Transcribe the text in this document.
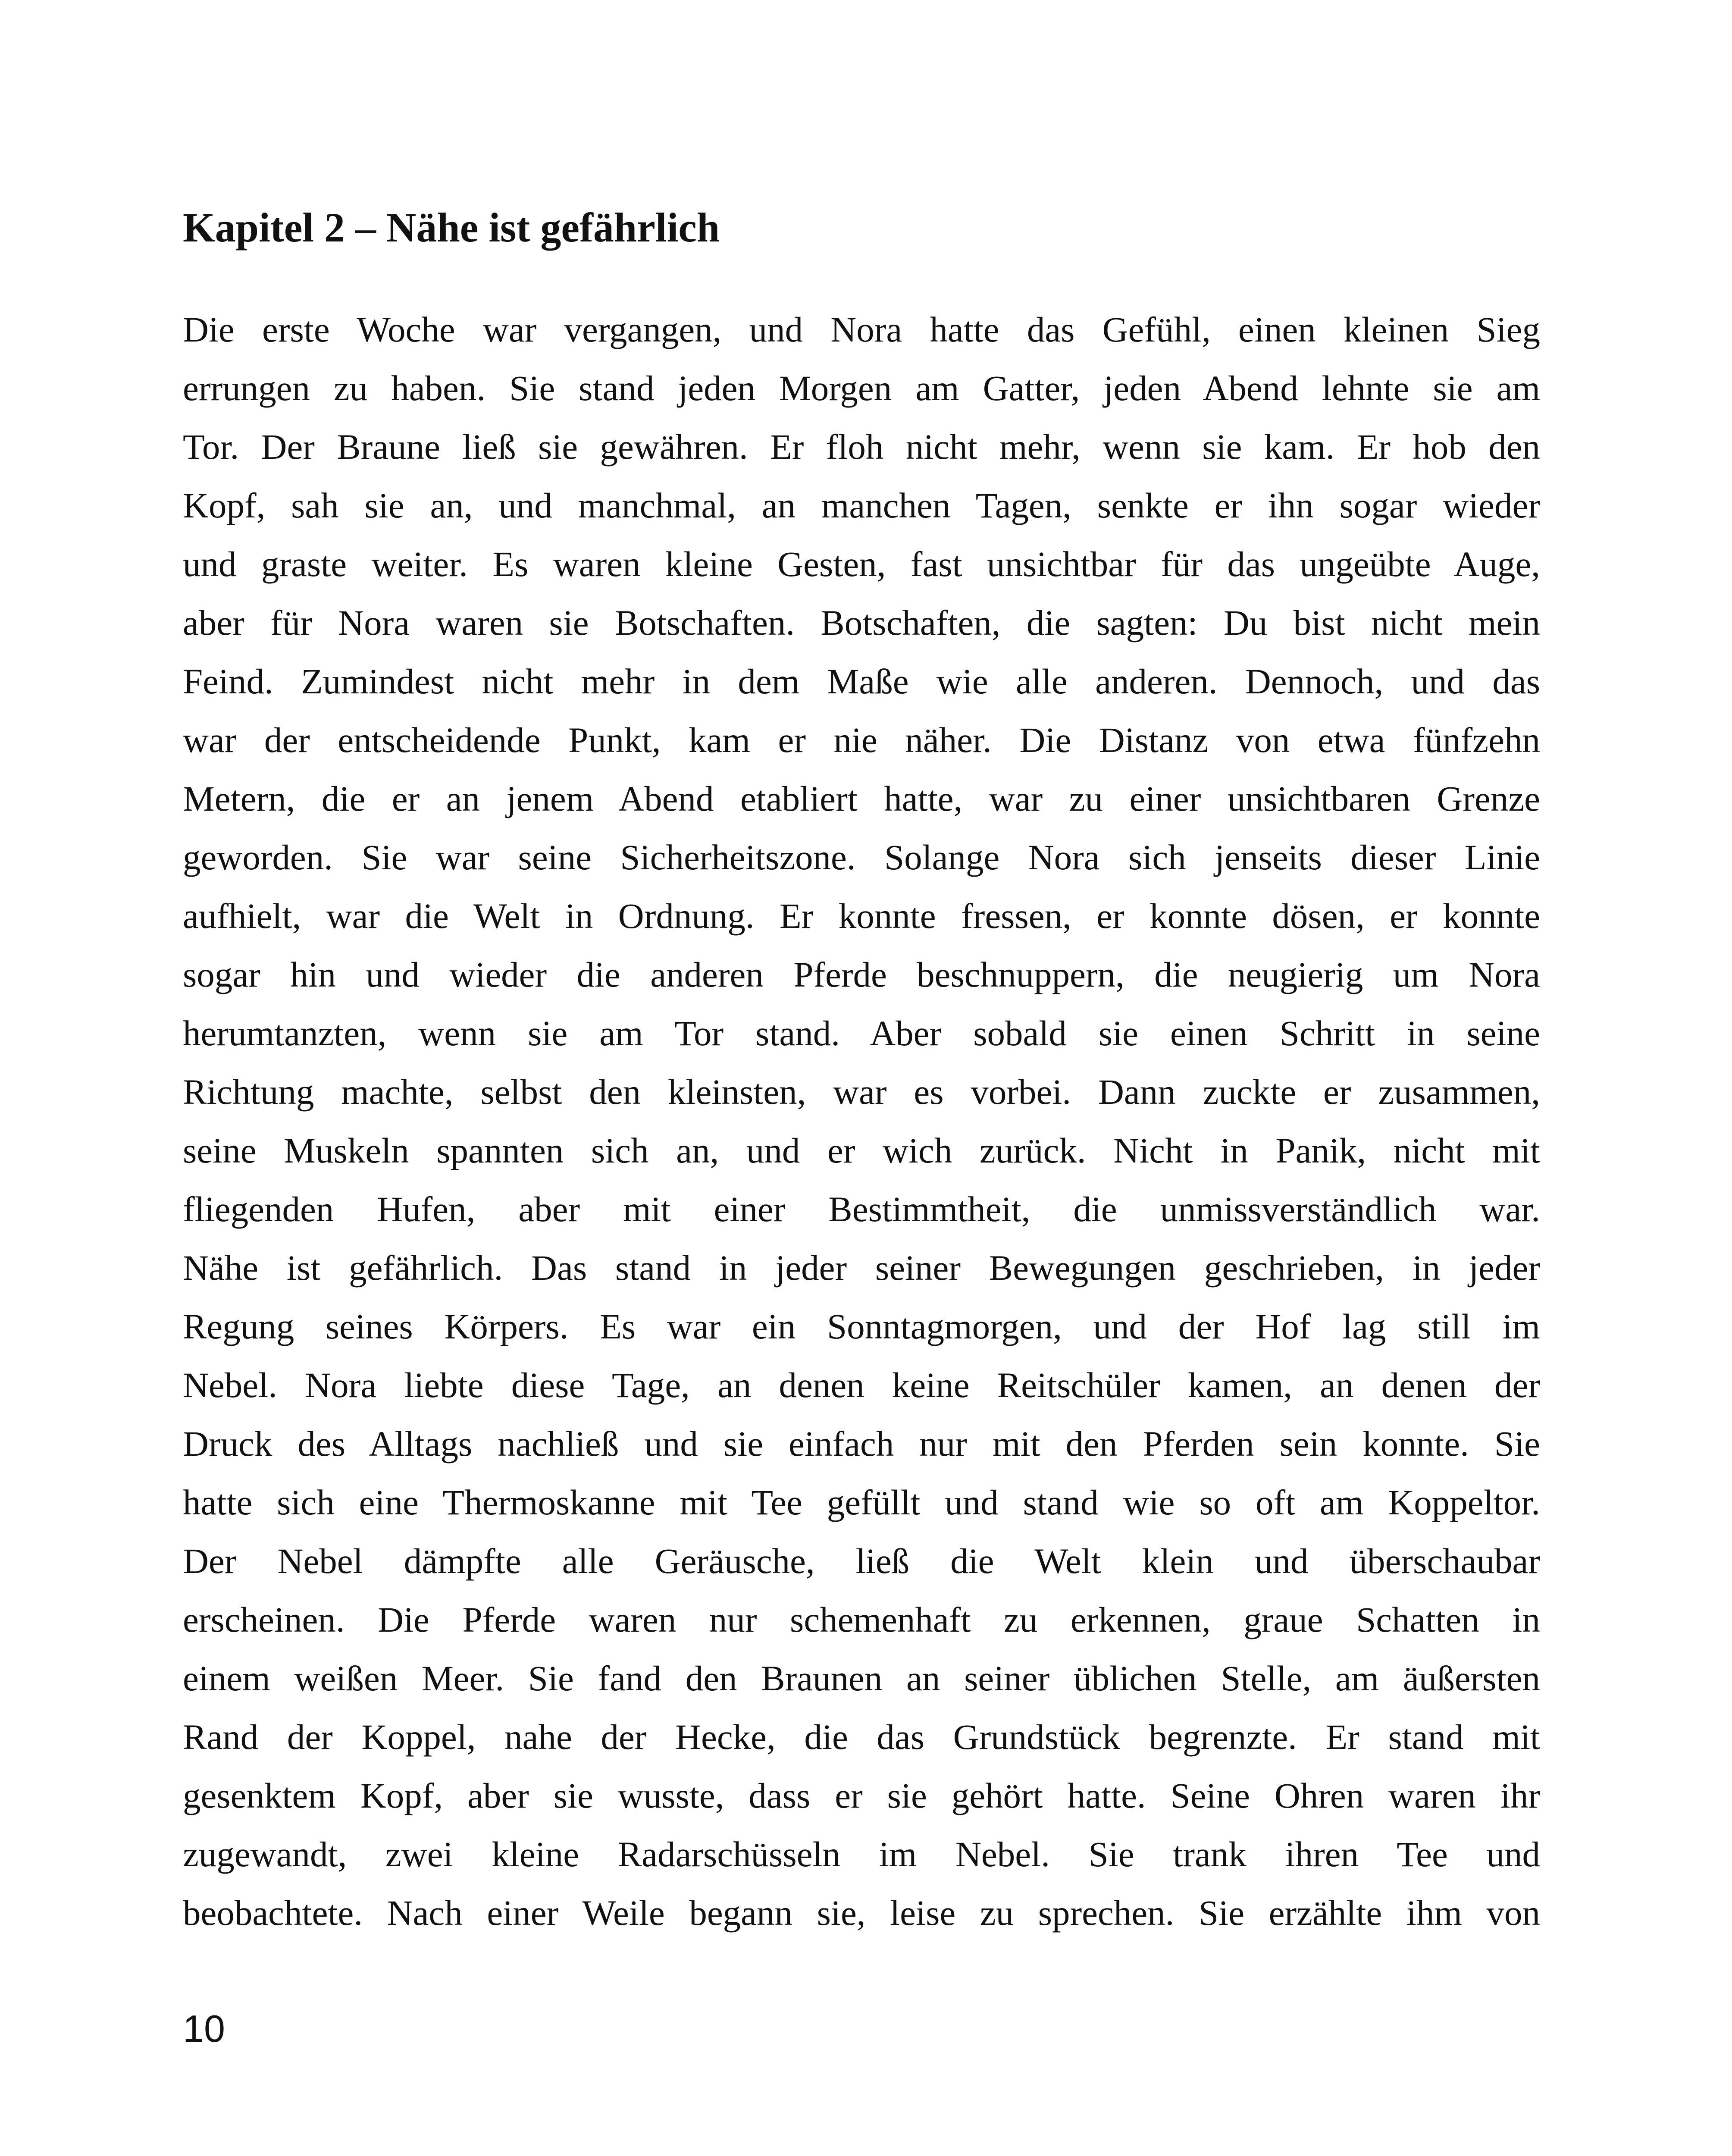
Kapitel 2 – Nähe ist gefährlich
Die erste Woche war vergangen, und Nora hatte das Gefühl, einen kleinen Sieg
errungen zu haben. Sie stand jeden Morgen am Gatter, jeden Abend lehnte sie am
Tor. Der Braune ließ sie gewähren. Er floh nicht mehr, wenn sie kam. Er hob den
Kopf, sah sie an, und manchmal, an manchen Tagen, senkte er ihn sogar wieder
und graste weiter. Es waren kleine Gesten, fast unsichtbar für das ungeübte Auge,
aber für Nora waren sie Botschaften. Botschaften, die sagten: Du bist nicht mein
Feind. Zumindest nicht mehr in dem Maße wie alle anderen. Dennoch, und das
war der entscheidende Punkt, kam er nie näher. Die Distanz von etwa fünfzehn
Metern, die er an jenem Abend etabliert hatte, war zu einer unsichtbaren Grenze
geworden. Sie war seine Sicherheitszone. Solange Nora sich jenseits dieser Linie
aufhielt, war die Welt in Ordnung. Er konnte fressen, er konnte dösen, er konnte
sogar hin und wieder die anderen Pferde beschnuppern, die neugierig um Nora
herumtanzten, wenn sie am Tor stand. Aber sobald sie einen Schritt in seine
Richtung machte, selbst den kleinsten, war es vorbei. Dann zuckte er zusammen,
seine Muskeln spannten sich an, und er wich zurück. Nicht in Panik, nicht mit
fliegenden Hufen, aber mit einer Bestimmtheit, die unmissverständlich war.
Nähe ist gefährlich. Das stand in jeder seiner Bewegungen geschrieben, in jeder
Regung seines Körpers. Es war ein Sonntagmorgen, und der Hof lag still im
Nebel. Nora liebte diese Tage, an denen keine Reitschüler kamen, an denen der
Druck des Alltags nachließ und sie einfach nur mit den Pferden sein konnte. Sie
hatte sich eine Thermoskanne mit Tee gefüllt und stand wie so oft am Koppeltor.
Der Nebel dämpfte alle Geräusche, ließ die Welt klein und überschaubar
erscheinen. Die Pferde waren nur schemenhaft zu erkennen, graue Schatten in
einem weißen Meer. Sie fand den Braunen an seiner üblichen Stelle, am äußersten
Rand der Koppel, nahe der Hecke, die das Grundstück begrenzte. Er stand mit
gesenktem Kopf, aber sie wusste, dass er sie gehört hatte. Seine Ohren waren ihr
zugewandt, zwei kleine Radarschüsseln im Nebel. Sie trank ihren Tee und
beobachtete. Nach einer Weile begann sie, leise zu sprechen. Sie erzählte ihm von
10
